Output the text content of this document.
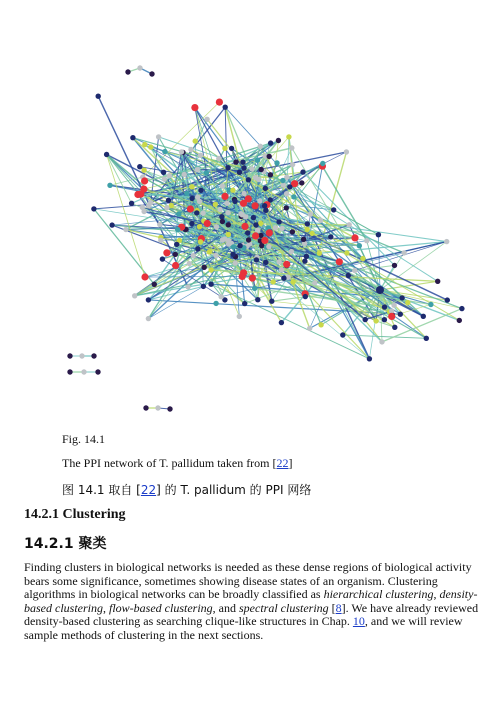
Fig. 14.1
The PPI network of T. pallidum taken from [22]
图 14.1 取自 [22] 的 T. pallidum 的 PPI 网络
14.2.1 Clustering
14.2.1 聚类

Finding clusters in biological networks is needed as these dense regions of biological activity bears some significance, sometimes showing disease states of an organism. Clustering algorithms in biological networks can be broadly classified as hierarchical clustering, density-based clustering, flow-based clustering, and spectral clustering [8]. We have already reviewed density-based clustering as searching clique-like structures in Chap. 10, and we will review sample methods of clustering in the next sections.
